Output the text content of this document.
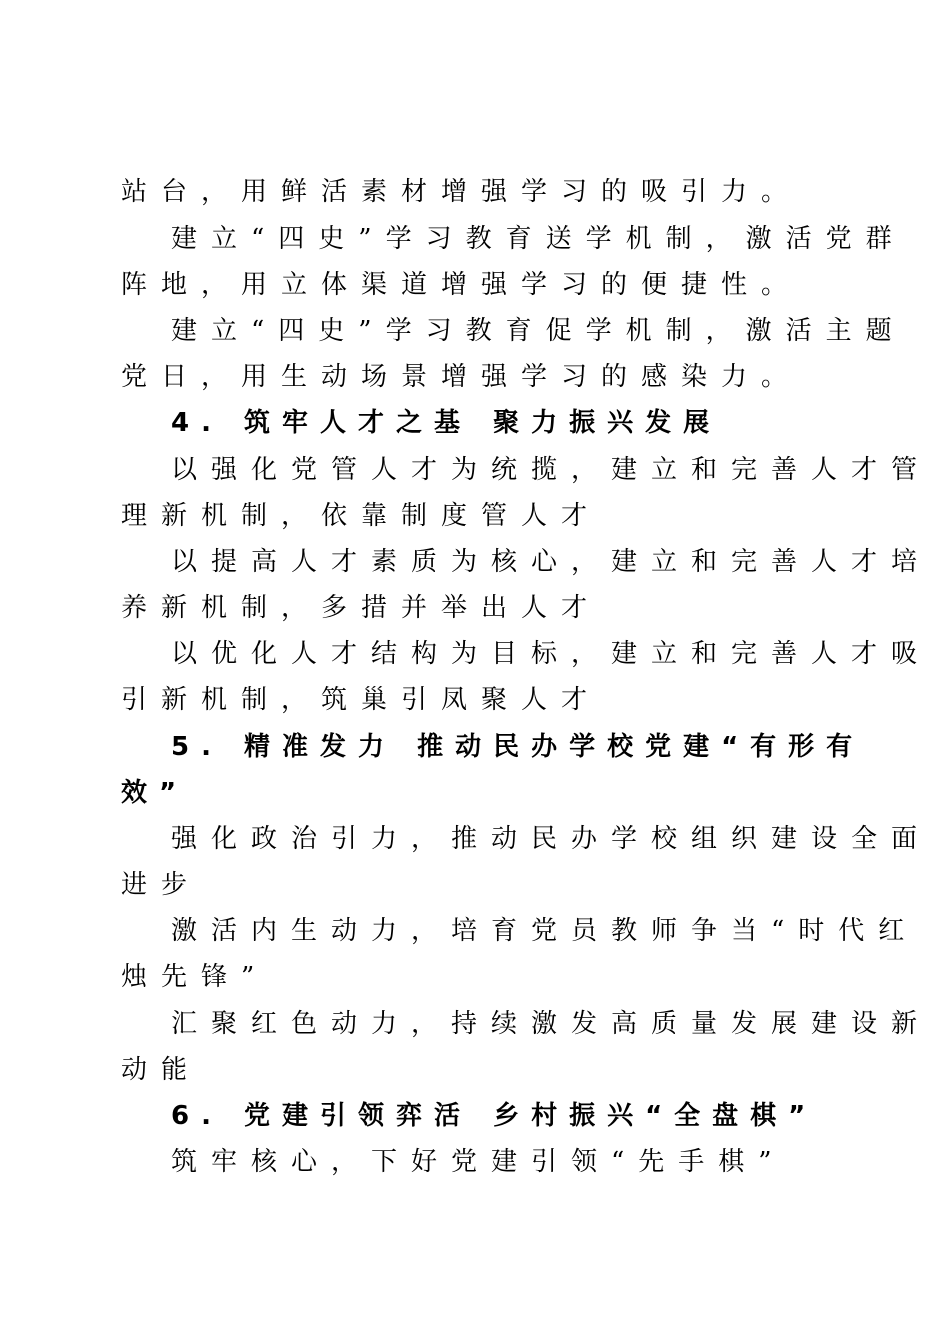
站台，用鲜活素材增强学习的吸引力。
建立“四史”学习教育送学机制，激活党群
阵地，用立体渠道增强学习的便捷性。
建立“四史”学习教育促学机制，激活主题
党日，用生动场景增强学习的感染力。
4. 筑牢人才之基 聚力振兴发展
以强化党管人才为统揽，建立和完善人才管
理新机制，依靠制度管人才
以提高人才素质为核心，建立和完善人才培
养新机制，多措并举出人才
以优化人才结构为目标，建立和完善人才吸
引新机制，筑巢引凤聚人才
5. 精准发力 推动民办学校党建“有形有
效”
强化政治引力，推动民办学校组织建设全面
进步
激活内生动力，培育党员教师争当“时代红
烛先锋”
汇聚红色动力，持续激发高质量发展建设新
动能
6. 党建引领弈活 乡村振兴“全盘棋”
筑牢核心，下好党建引领“先手棋”
